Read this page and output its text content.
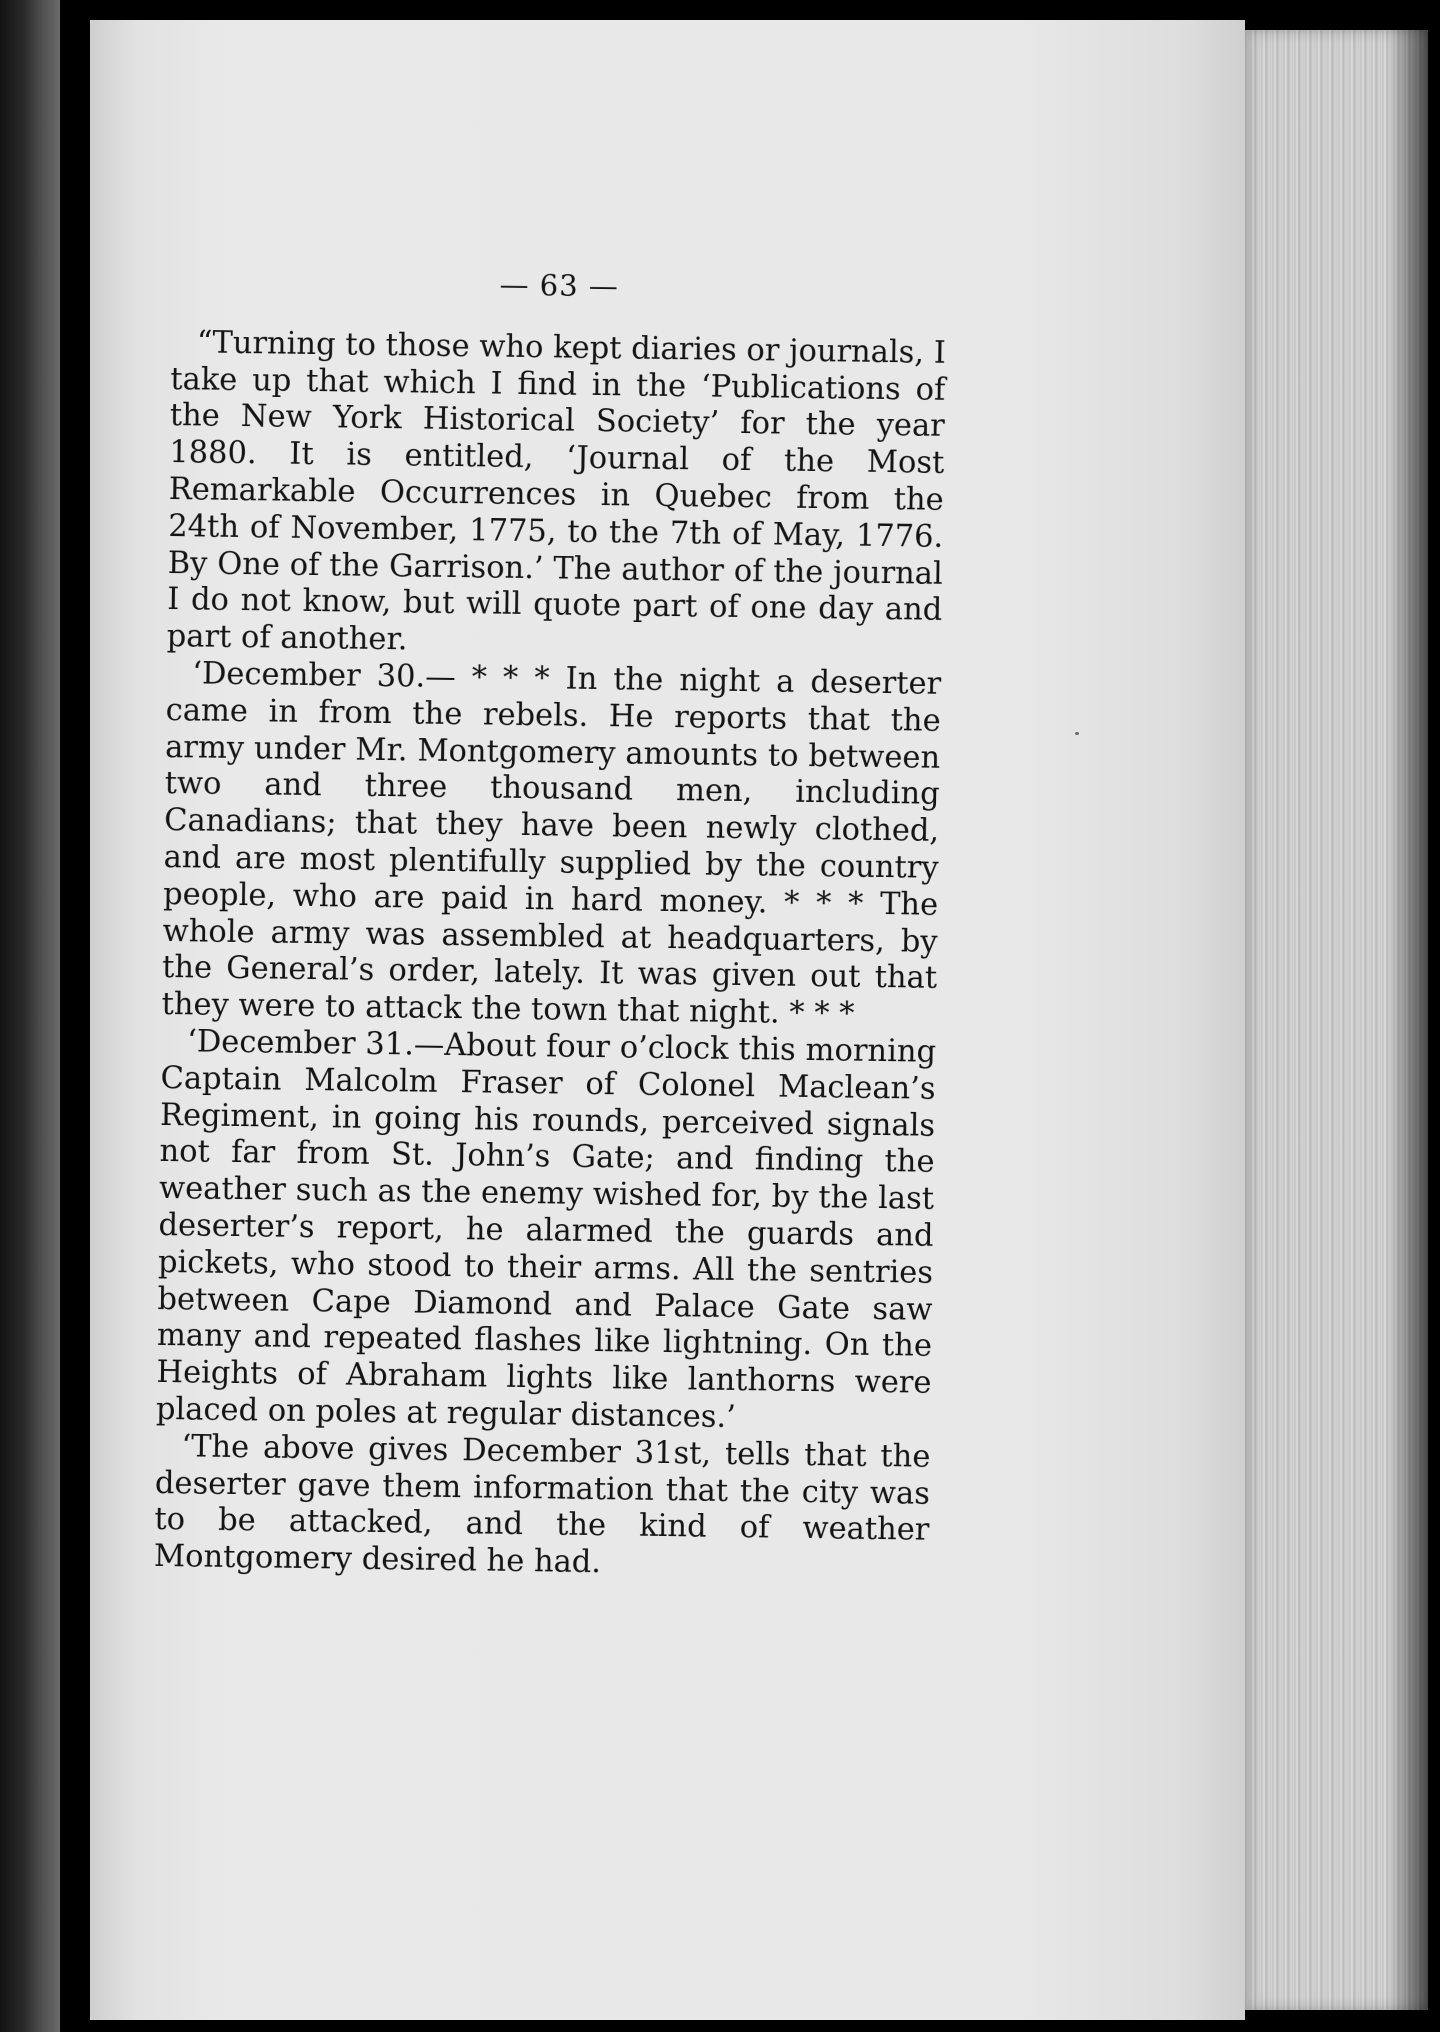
— 63 —

“Turning to those who kept diaries or journals, I take up that which I find in the ‘Publications of the New York Historical Society’ for the year 1880. It is entitled, ‘Journal of the Most Remarkable Occurrences in Quebec from the 24th of November, 1775, to the 7th of May, 1776. By One of the Garrison.’ The author of the journal I do not know, but will quote part of one day and part of another.

‘December 30.— * * * In the night a deserter came in from the rebels. He reports that the army under Mr. Montgomery amounts to between two and three thousand men, including Canadians; that they have been newly clothed, and are most plentifully supplied by the country people, who are paid in hard money. * * * The whole army was assembled at headquarters, by the General’s order, lately. It was given out that they were to attack the town that night. * * *

‘December 31.—About four o’clock this morning Captain Malcolm Fraser of Colonel Maclean’s Regiment, in going his rounds, perceived signals not far from St. John’s Gate; and finding the weather such as the enemy wished for, by the last deserter’s report, he alarmed the guards and pickets, who stood to their arms. All the sentries between Cape Diamond and Palace Gate saw many and repeated flashes like lightning. On the Heights of Abraham lights like lanthorns were placed on poles at regular distances.’

‘The above gives December 31st, tells that the deserter gave them information that the city was to be attacked, and the kind of weather Montgomery desired he had.
